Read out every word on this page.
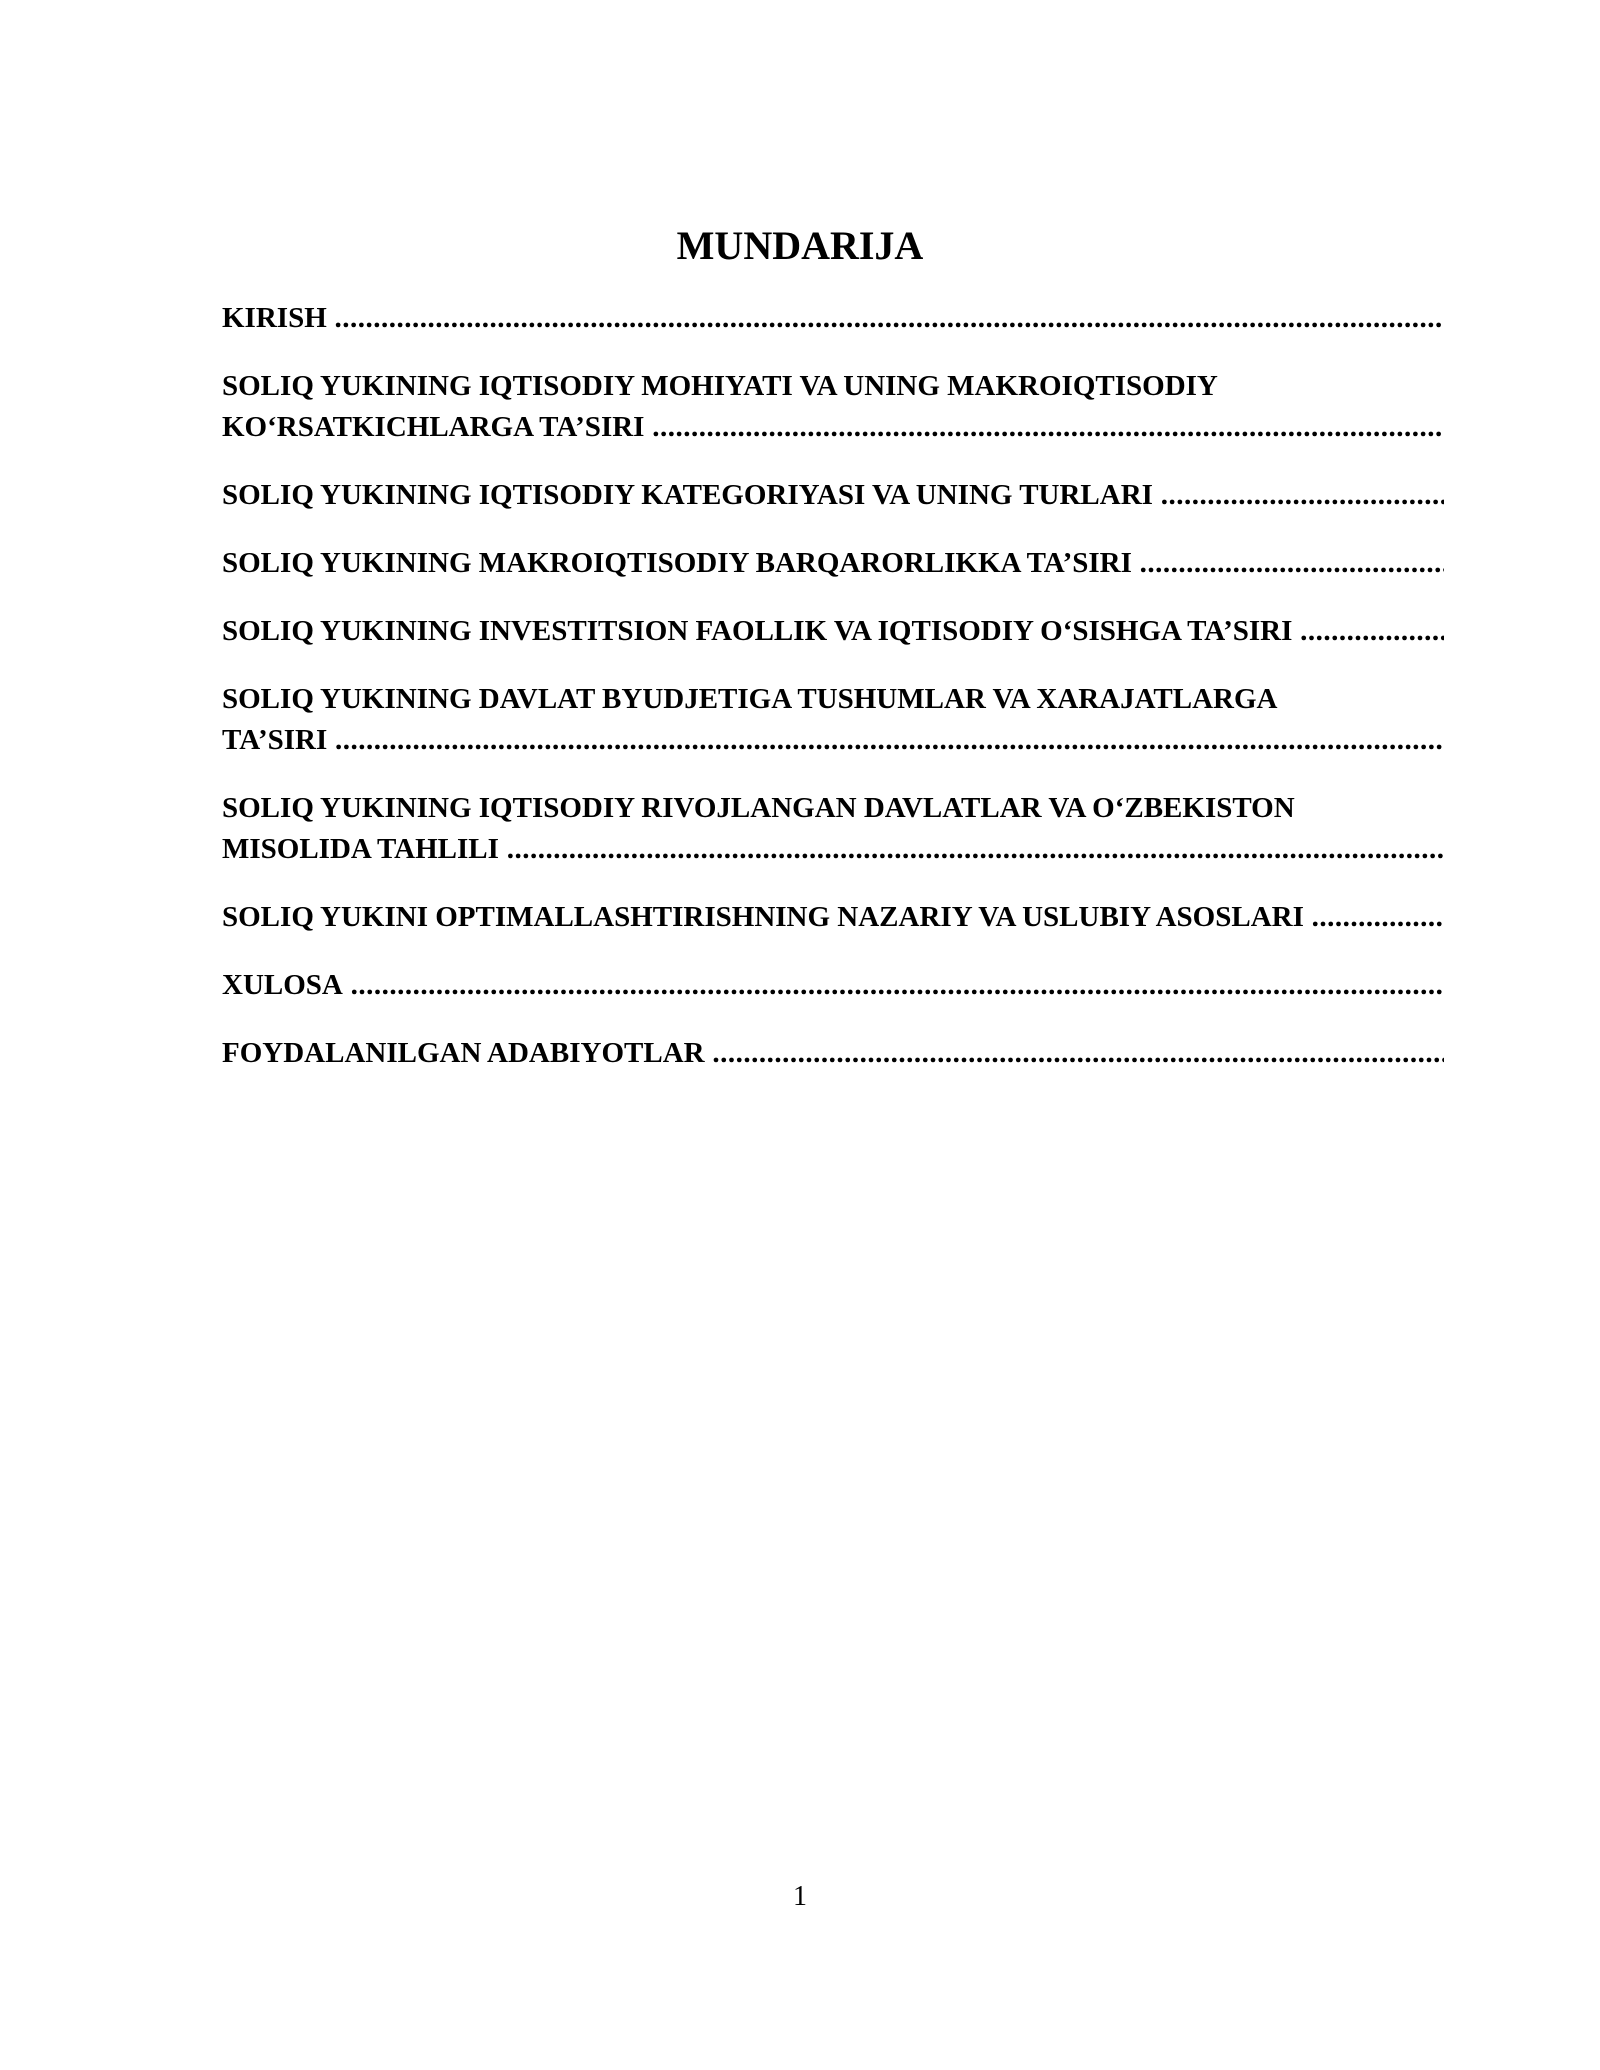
MUNDARIJA
KIRISH .....
SOLIQ YUKINING IQTISODIY MOHIYATI VA UNING MAKROIQTISODIY
KO‘RSATKICHLARGA TA’SIRI .....
SOLIQ YUKINING IQTISODIY KATEGORIYASI VA UNING TURLARI .....
SOLIQ YUKINING MAKROIQTISODIY BARQARORLIKKA TA’SIRI .....
SOLIQ YUKINING INVESTITSION FAOLLIK VA IQTISODIY O‘SISHGA TA’SIRI .....
SOLIQ YUKINING DAVLAT BYUDJETIGA TUSHUMLAR VA XARAJATLARGA
TA’SIRI .....
SOLIQ YUKINING IQTISODIY RIVOJLANGAN DAVLATLAR VA O‘ZBEKISTON
MISOLIDA TAHLILI .....
SOLIQ YUKINI OPTIMALLASHTIRISHNING NAZARIY VA USLUBIY ASOSLARI .....
XULOSA .....
FOYDALANILGAN ADABIYOTLAR .....
1
